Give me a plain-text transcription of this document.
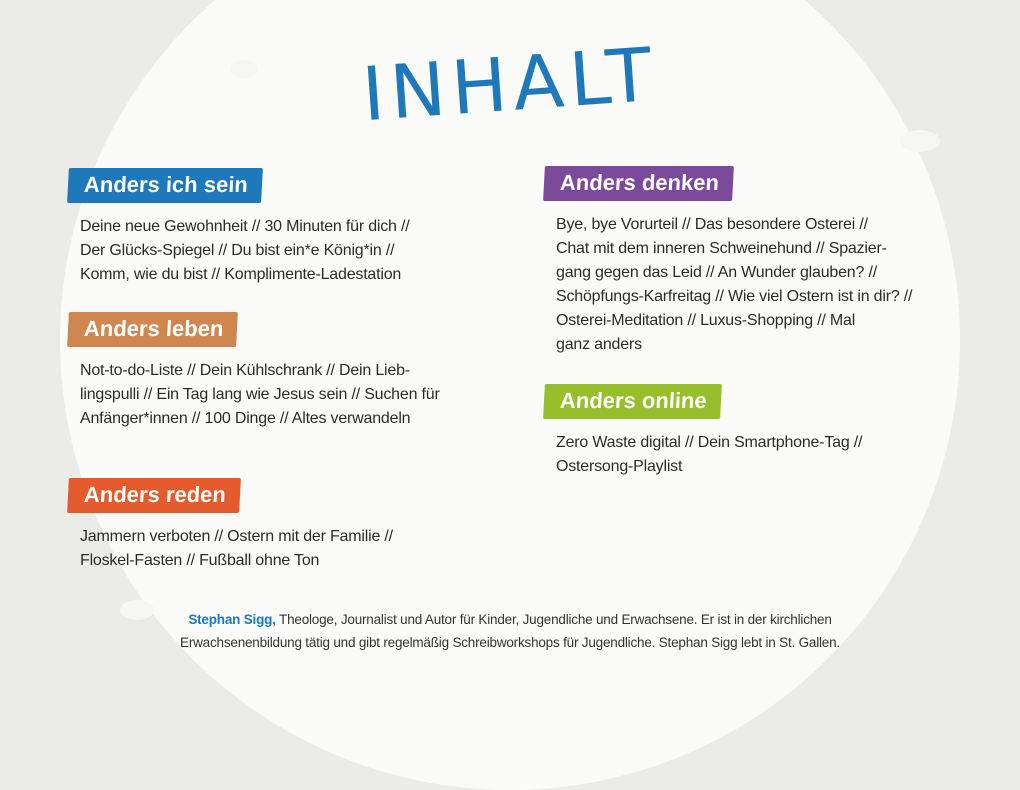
INHALT
Anders ich sein
Deine neue Gewohnheit // 30 Minuten für dich //
Der Glücks-Spiegel // Du bist ein*e König*in //
Komm, wie du bist // Komplimente-Ladestation
Anders leben
Not-to-do-Liste // Dein Kühlschrank // Dein Lieb-
lingspulli // Ein Tag lang wie Jesus sein // Suchen für
Anfänger*innen // 100 Dinge // Altes verwandeln
Anders reden
Jammern verboten // Ostern mit der Familie //
Floskel-Fasten // Fußball ohne Ton
Anders denken
Bye, bye Vorurteil // Das besondere Osterei //
Chat mit dem inneren Schweinehund // Spazier-
gang gegen das Leid // An Wunder glauben? //
Schöpfungs-Karfreitag // Wie viel Ostern ist in dir? //
Osterei-Meditation // Luxus-Shopping // Mal
ganz anders
Anders online
Zero Waste digital // Dein Smartphone-Tag //
Ostersong-Playlist
Stephan Sigg, Theologe, Journalist und Autor für Kinder, Jugendliche und Erwachsene. Er ist in der kirchlichen
Erwachsenenbildung tätig und gibt regelmäßig Schreibworkshops für Jugendliche. Stephan Sigg lebt in St. Gallen.
